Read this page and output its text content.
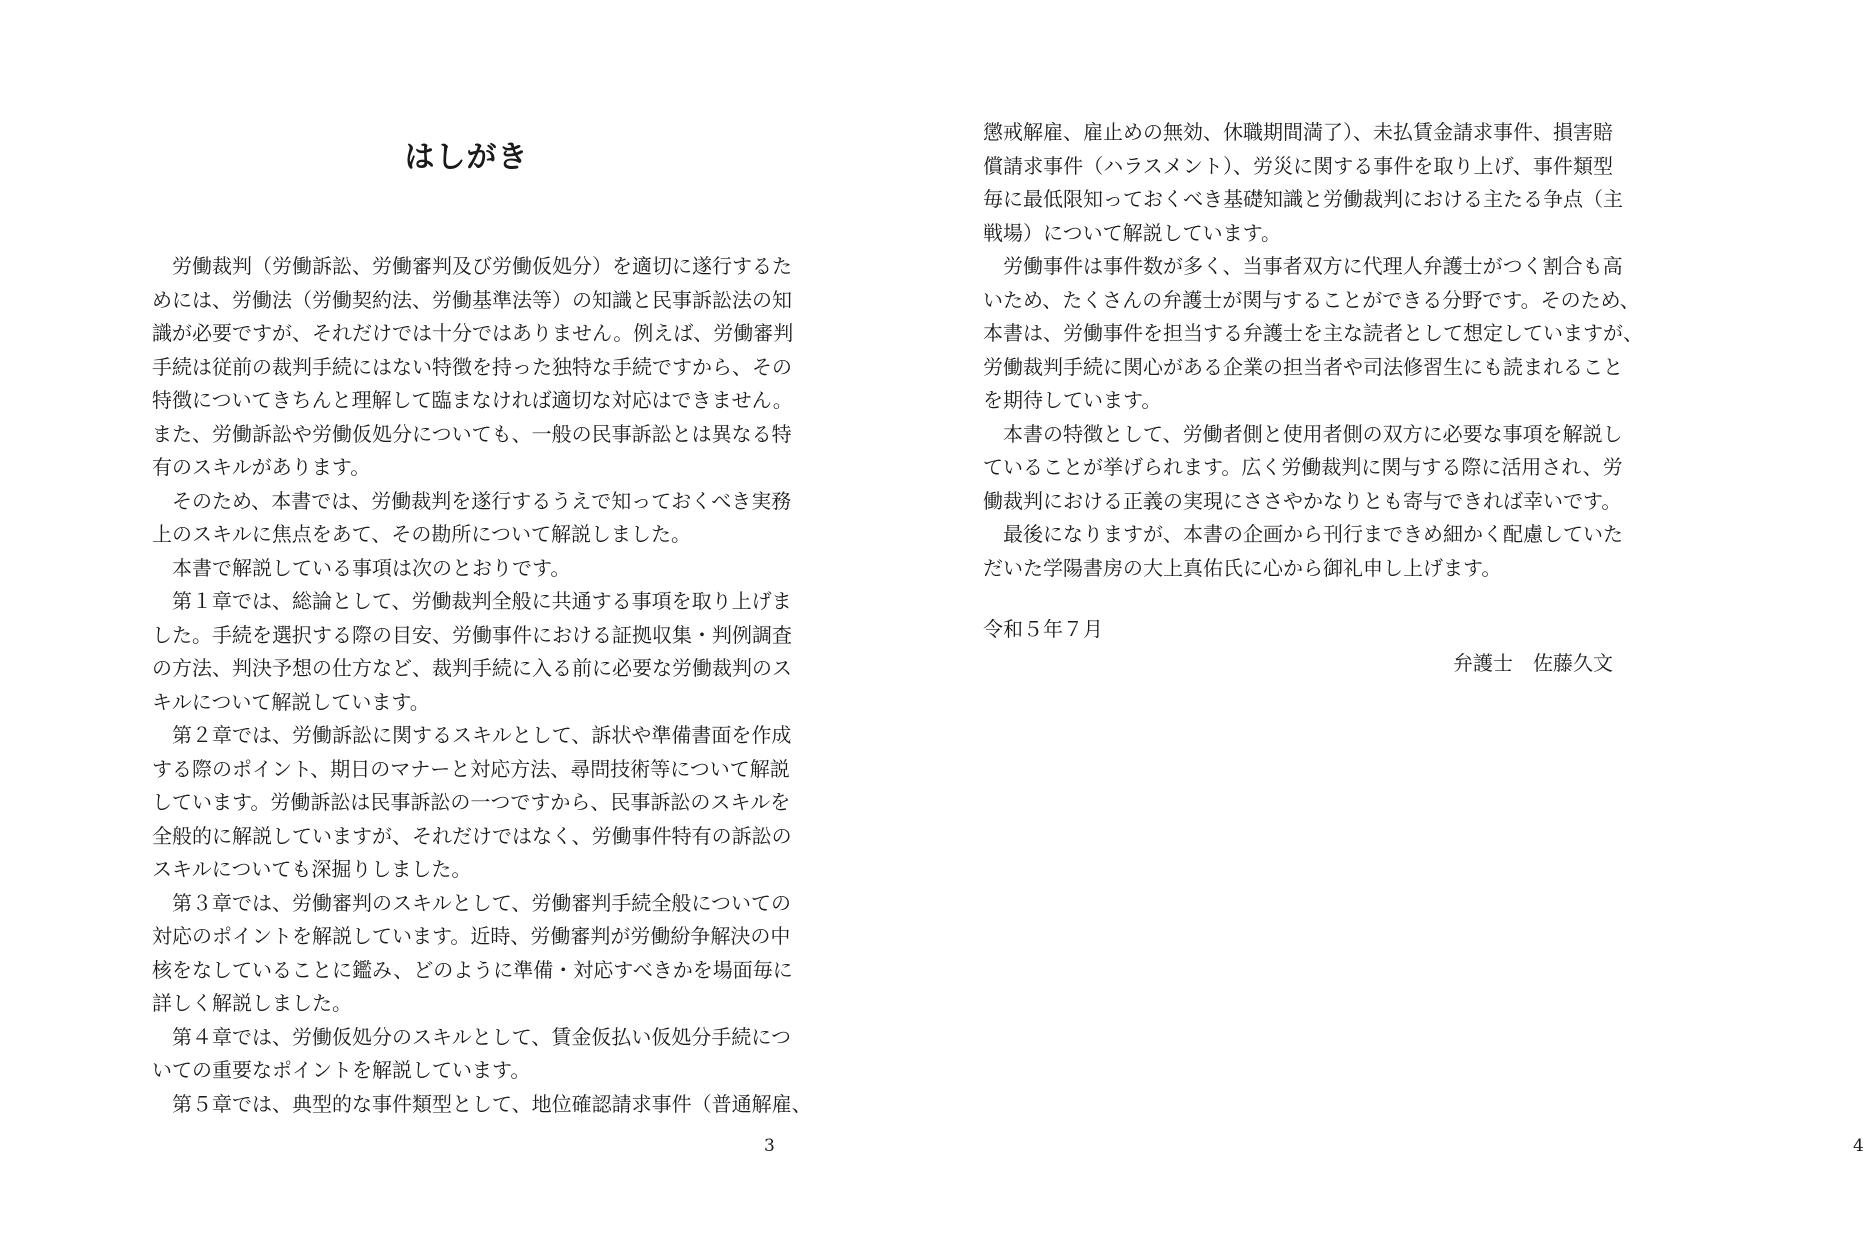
はしがき
　労働裁判（労働訴訟、労働審判及び労働仮処分）を適切に遂行するた
めには、労働法（労働契約法、労働基準法等）の知識と民事訴訟法の知
識が必要ですが、それだけでは十分ではありません。例えば、労働審判
手続は従前の裁判手続にはない特徴を持った独特な手続ですから、その
特徴についてきちんと理解して臨まなければ適切な対応はできません。
また、労働訴訟や労働仮処分についても、一般の民事訴訟とは異なる特
有のスキルがあります。
　そのため、本書では、労働裁判を遂行するうえで知っておくべき実務
上のスキルに焦点をあて、その勘所について解説しました。
　本書で解説している事項は次のとおりです。
　第１章では、総論として、労働裁判全般に共通する事項を取り上げま
した。手続を選択する際の目安、労働事件における証拠収集・判例調査
の方法、判決予想の仕方など、裁判手続に入る前に必要な労働裁判のス
キルについて解説しています。
　第２章では、労働訴訟に関するスキルとして、訴状や準備書面を作成
する際のポイント、期日のマナーと対応方法、尋問技術等について解説
しています。労働訴訟は民事訴訟の一つですから、民事訴訟のスキルを
全般的に解説していますが、それだけではなく、労働事件特有の訴訟の
スキルについても深掘りしました。
　第３章では、労働審判のスキルとして、労働審判手続全般についての
対応のポイントを解説しています。近時、労働審判が労働紛争解決の中
核をなしていることに鑑み、どのように準備・対応すべきかを場面毎に
詳しく解説しました。
　第４章では、労働仮処分のスキルとして、賃金仮払い仮処分手続につ
いての重要なポイントを解説しています。
　第５章では、典型的な事件類型として、地位確認請求事件（普通解雇、
3
懲戒解雇、雇止めの無効、休職期間満了）、未払賃金請求事件、損害賠
償請求事件（ハラスメント）、労災に関する事件を取り上げ、事件類型
毎に最低限知っておくべき基礎知識と労働裁判における主たる争点（主
戦場）について解説しています。
　労働事件は事件数が多く、当事者双方に代理人弁護士がつく割合も高
いため、たくさんの弁護士が関与することができる分野です。そのため、
本書は、労働事件を担当する弁護士を主な読者として想定していますが、
労働裁判手続に関心がある企業の担当者や司法修習生にも読まれること
を期待しています。
　本書の特徴として、労働者側と使用者側の双方に必要な事項を解説し
ていることが挙げられます。広く労働裁判に関与する際に活用され、労
働裁判における正義の実現にささやかなりとも寄与できれば幸いです。
　最後になりますが、本書の企画から刊行まできめ細かく配慮していた
だいた学陽書房の大上真佑氏に心から御礼申し上げます。
令和５年７月
弁護士　佐藤久文
4
